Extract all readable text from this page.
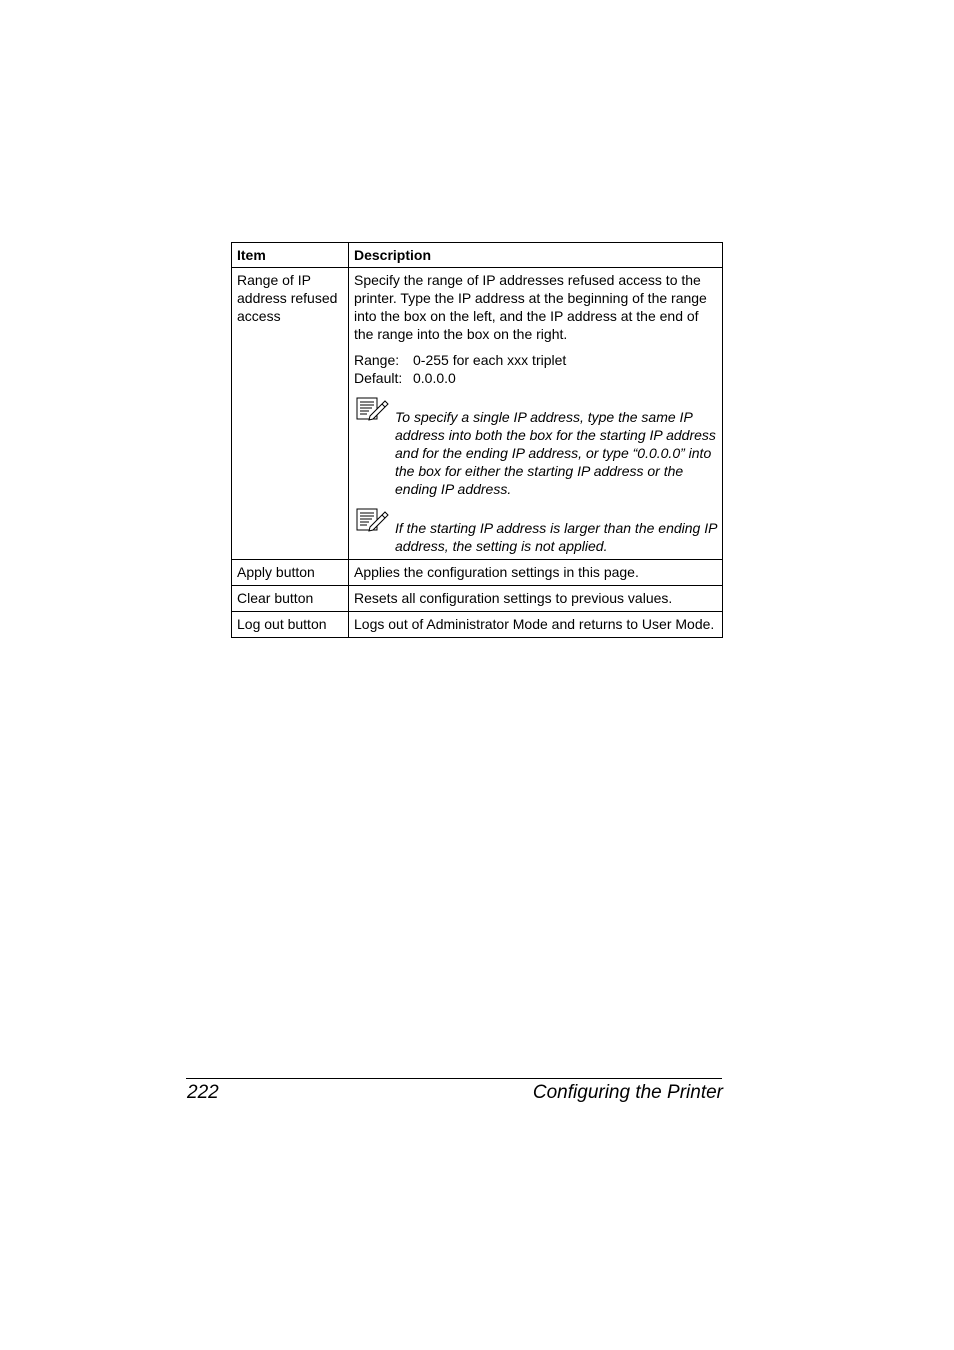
Item	Description
Range of IP address refused access	Specify the range of IP addresses refused access to the printer. Type the IP address at the beginning of the range into the box on the left, and the IP address at the end of the range into the box on the right.

Range: 0-255 for each xxx triplet
Default: 0.0.0.0
To specify a single IP address, type the same IP address into both the box for the starting IP address and for the ending IP address, or type “0.0.0.0” into the box for either the starting IP address or the ending IP address.
If the starting IP address is larger than the ending IP address, the setting is not applied.

Apply button	Applies the configuration settings in this page.
Clear button	Resets all configuration settings to previous values.
Log out button	Logs out of Administrator Mode and returns to User Mode.
222	Configuring the Printer
